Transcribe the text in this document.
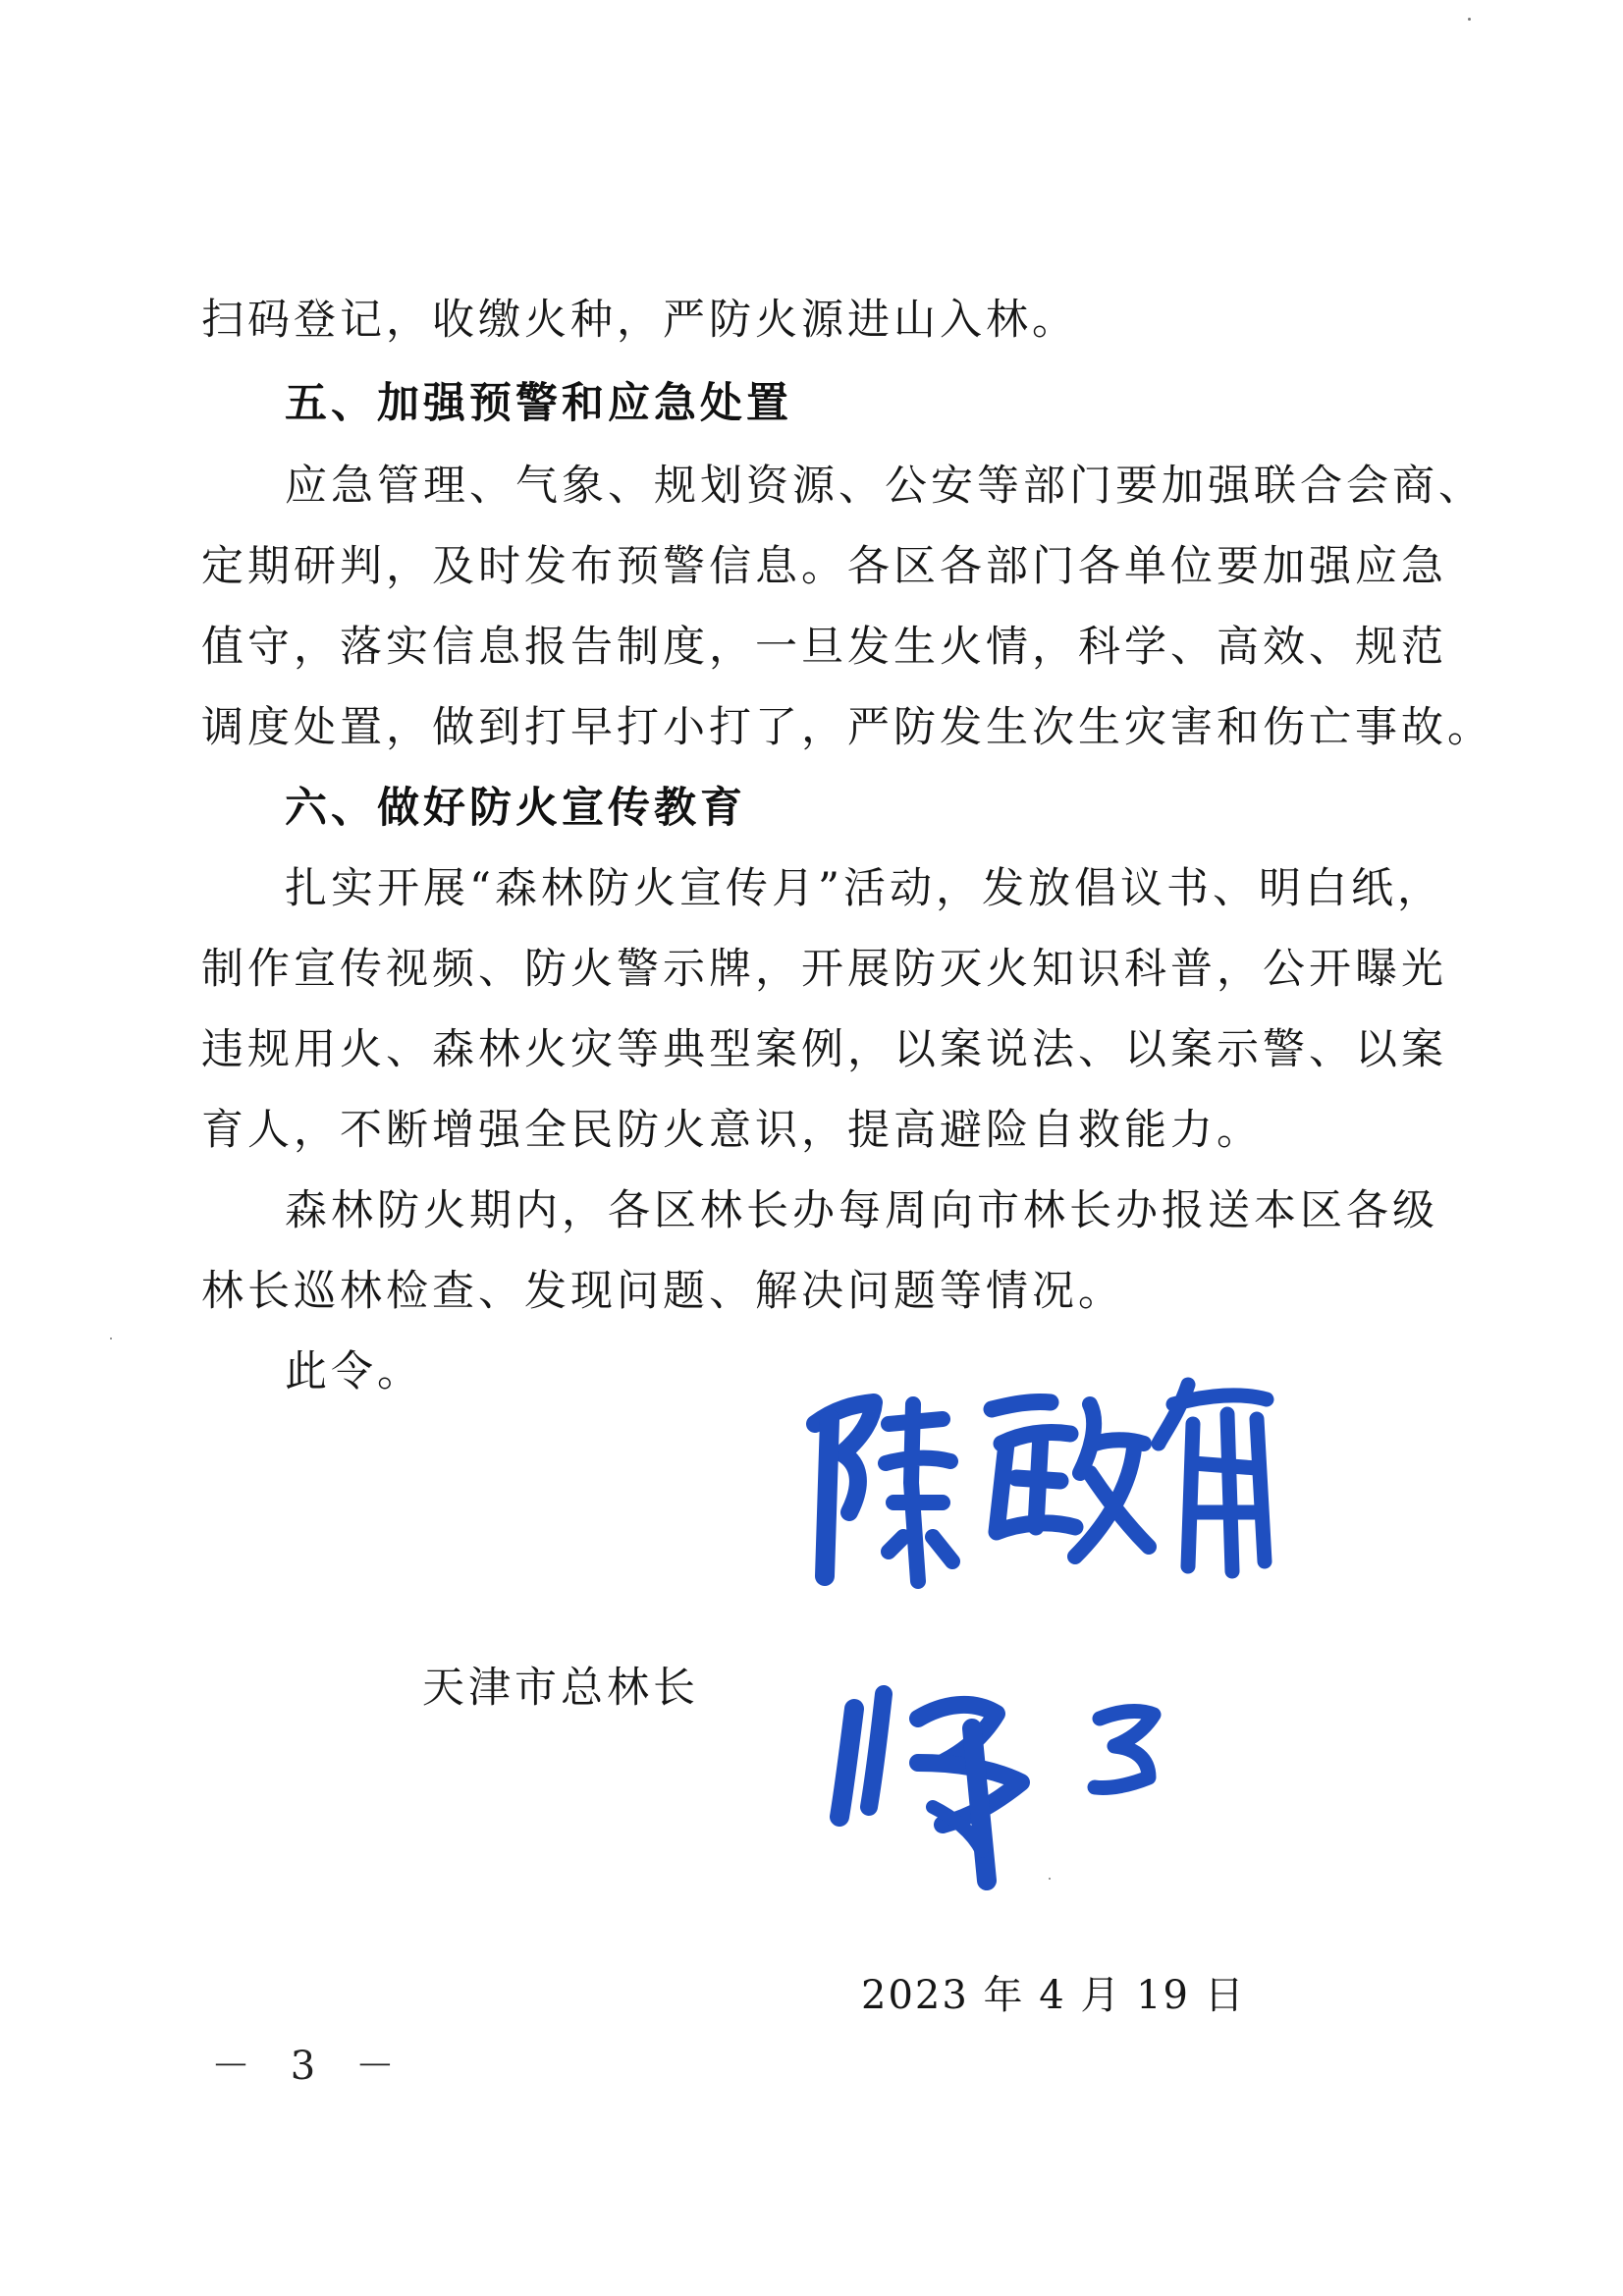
扫码登记，收缴火种，严防火源进山入林。
五、加强预警和应急处置
应急管理、气象、规划资源、公安等部门要加强联合会商、
定期研判，及时发布预警信息。各区各部门各单位要加强应急
值守，落实信息报告制度，一旦发生火情，科学、高效、规范
调度处置，做到打早打小打了，严防发生次生灾害和伤亡事故。
六、做好防火宣传教育
扎实开展“森林防火宣传月”活动，发放倡议书、明白纸，
制作宣传视频、防火警示牌，开展防灭火知识科普，公开曝光
违规用火、森林火灾等典型案例，以案说法、以案示警、以案
育人，不断增强全民防火意识，提高避险自救能力。
森林防火期内，各区林长办每周向市林长办报送本区各级
林长巡林检查、发现问题、解决问题等情况。
此令。
天津市总林长
2023 年 4 月 19 日
－ 3 －
